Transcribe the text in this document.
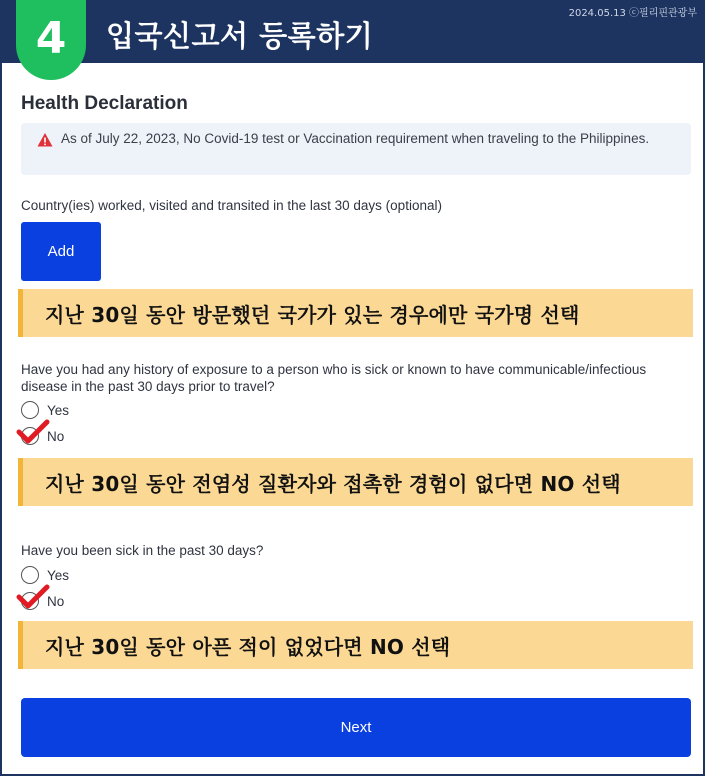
입국신고서 등록하기
2024.05.13 ⓒ필리핀관광부
4
Health Declaration
As of July 22, 2023, No Covid-19 test or Vaccination requirement when traveling to the Philippines.
Country(ies) worked, visited and transited in the last 30 days (optional)
Add
지난 30일 동안 방문했던 국가가 있는 경우에만 국가명 선택
Have you had any history of exposure to a person who is sick or known to have communicable/infectious disease in the past 30 days prior to travel?
Yes
No
지난 30일 동안 전염성 질환자와 접촉한 경험이 없다면 NO 선택
Have you been sick in the past 30 days?
Yes
No
지난 30일 동안 아픈 적이 없었다면 NO 선택
Next
